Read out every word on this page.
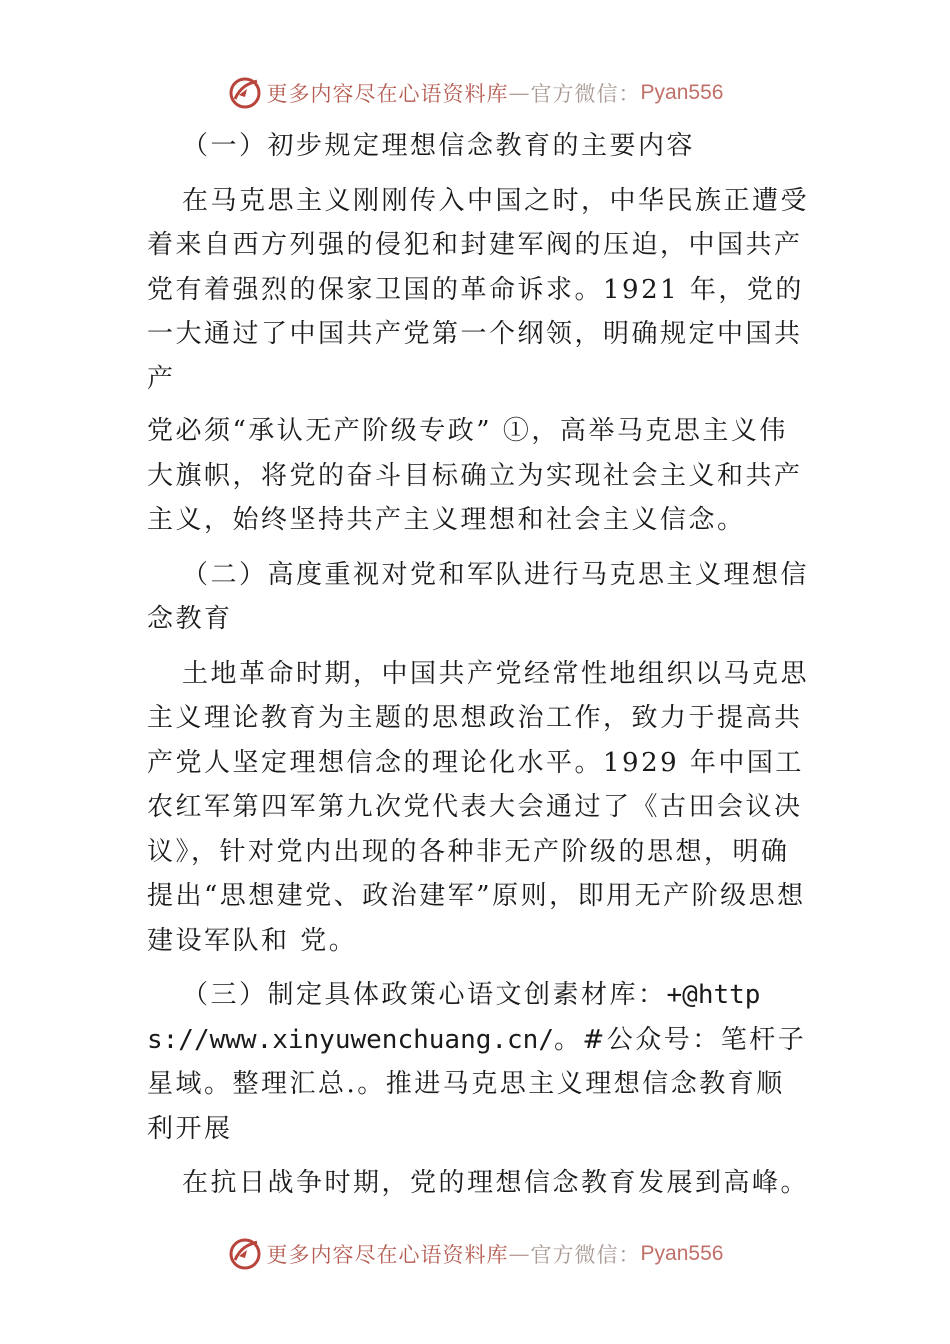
更多内容尽在心语资料库 — 官方微信： Pyan556

（一）初步规定理想信念教育的主要内容

在马克思主义刚刚传入中国之时，中华民族正遭受着来自西方列强的侵犯和封建军阀的压迫，中国共产党有着强烈的保家卫国的革命诉求。1921 年，党的一大通过了中国共产党第一个纲领，明确规定中国共产

党必须“承认无产阶级专政” ①，高举马克思主义伟大旗帜，将党的奋斗目标确立为实现社会主义和共产主义，始终坚持共产主义理想和社会主义信念。

（二）高度重视对党和军队进行马克思主义理想信念教育

土地革命时期，中国共产党经常性地组织以马克思主义理论教育为主题的思想政治工作，致力于提高共产党人坚定理想信念的理论化水平。1929 年中国工农红军第四军第九次党代表大会通过了《古田会议决议》，针对党内出现的各种非无产阶级的思想，明确提出“思想建党、政治建军”原则，即用无产阶级思想建设军队和 党。

（三）制定具体政策心语文创素材库：+@https://www.xinyuwenchuang.cn/。#公众号：笔杆子星域。整理汇总.。推进马克思主义理想信念教育顺利开展

在抗日战争时期，党的理想信念教育发展到高峰。

更多内容尽在心语资料库 — 官方微信： Pyan556
